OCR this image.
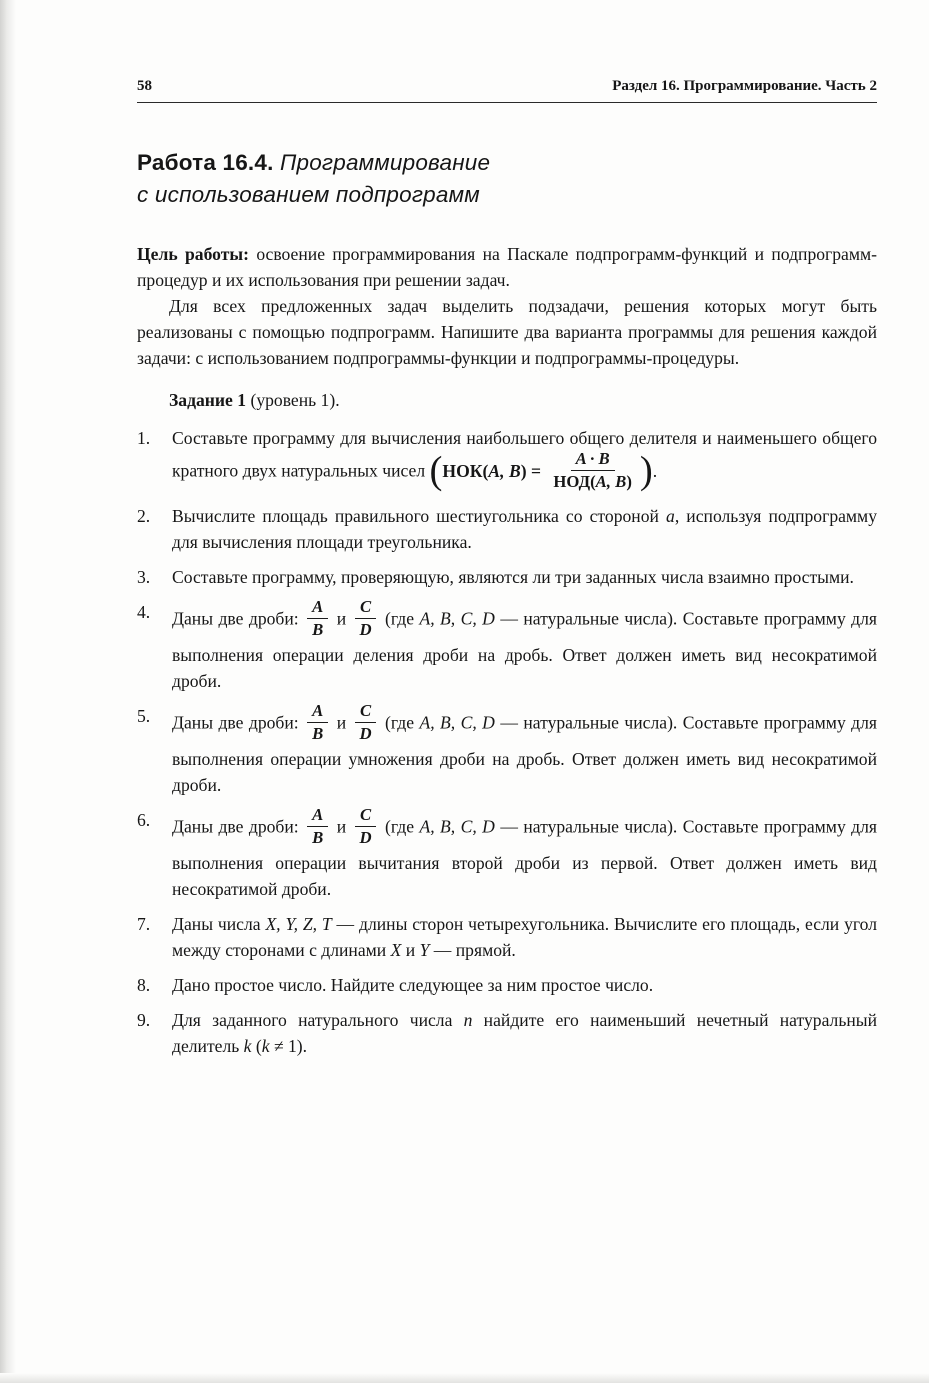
58	Раздел 16. Программирование. Часть 2
Работа 16.4. Программирование
с использованием подпрограмм

Цель работы: освоение программирования на Паскале подпрограмм-функций и подпрограмм-процедур и их использования при решении задач.

Для всех предложенных задач выделить подзадачи, решения которых могут быть реализованы с помощью подпрограмм. Напишите два варианта программы для решения каждой задачи: с использованием подпрограммы-функции и подпрограммы-процедуры.

Задание 1 (уровень 1).

1.	Составьте программу для вычисления наибольшего общего делителя и наименьшего общего кратного двух натуральных чисел (НОК(A, $B) = \frac{A \cdot B}{\text{НОД(A, B)}}$ ).
2.	Вычислите площадь правильного шестиугольника со стороной a, используя подпрограмму для вычисления площади треугольника.
3.	Составьте программу, проверяющую, являются ли три заданных числа взаимно простыми.
4.	Даны две дроби: $\frac{A}{B}$ и $\frac{C}{D} (где$ A, B, C, D — натуральные числа). Составьте программу для выполнения операции деления дроби на дробь. Ответ должен иметь вид несократимой дроби.
5.	Даны две дроби: $\frac{A}{B}$ и $\frac{C}{D} (где$ A, B, C, D — натуральные числа). Составьте программу для выполнения операции умножения дроби на дробь. Ответ должен иметь вид несократимой дроби.
6.	Даны две дроби: $\frac{A}{B}$ и $\frac{C}{D} (где$ A, B, C, D — натуральные числа). Составьте программу для выполнения операции вычитания второй дроби из первой. Ответ должен иметь вид несократимой дроби.
7.	Даны числа X, Y, Z, T — длины сторон четырехугольника. Вычислите его площадь, если угол между сторонами с длинами X и Y — прямой.
8.	Дано простое число. Найдите следующее за ним простое число.
9.	Для заданного натурального числа n найдите его наименьший нечетный натуральный делитель k (k ≠ 1).
